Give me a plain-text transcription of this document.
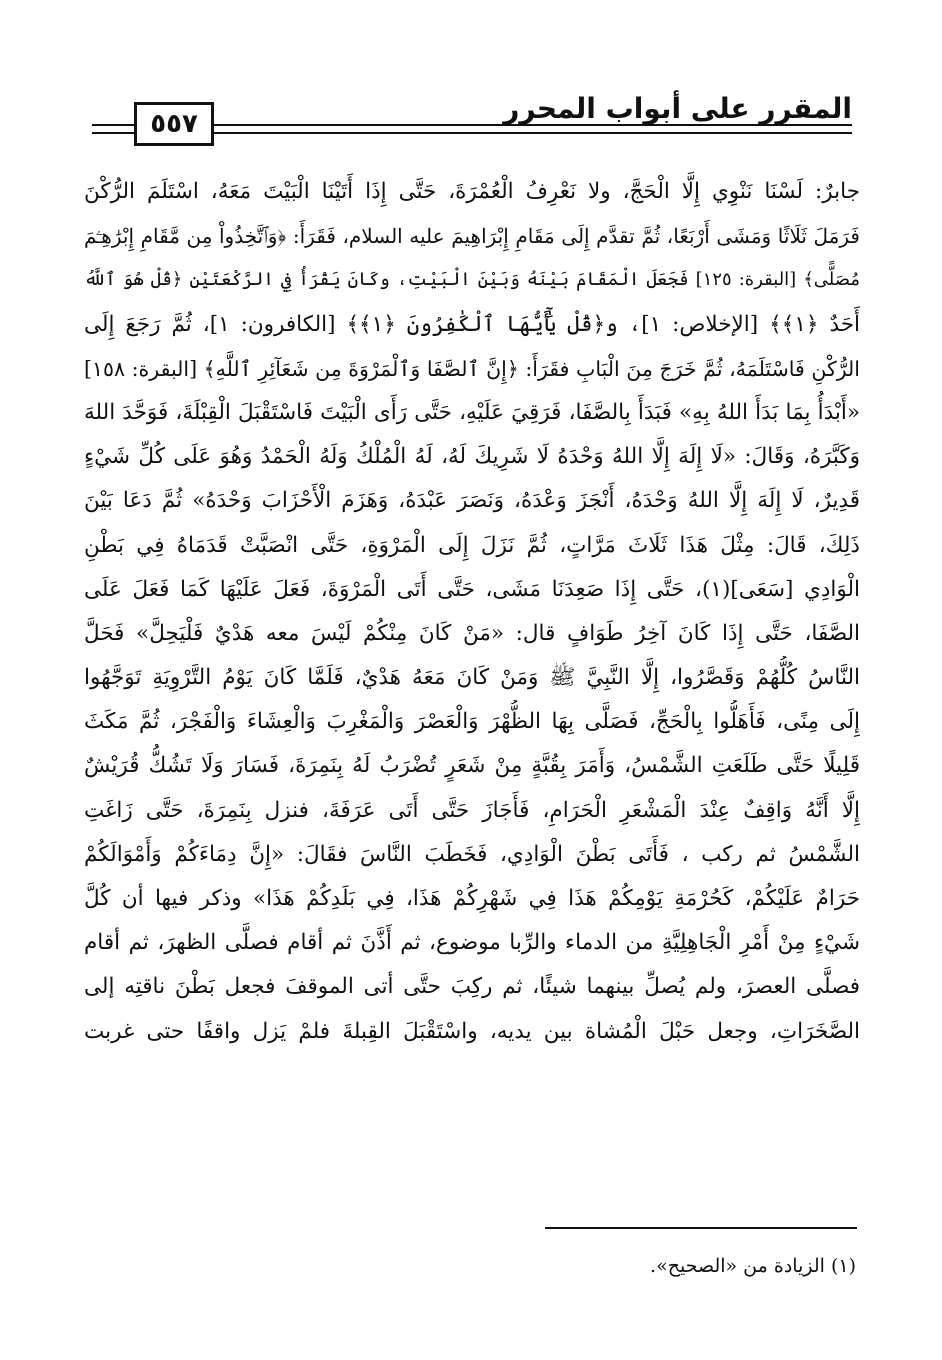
٥٥٧	المقرر على أبواب المحرر
جابرٌ: لَسْنَا نَنْوِي إِلَّا الْحَجَّ، ولا نَعْرِفُ الْعُمْرَةَ، حَتَّى إِذَا أَتَيْنَا الْبَيْتَ مَعَهُ، اسْتَلَمَ الرُّكْنَ
فَرَمَلَ ثَلَاثًا وَمَشَى أَرْبَعًا، ثُمَّ تقدَّم إِلَى مَقَامِ إِبْرَاهِيمَ عليه السلام، فَقَرَأَ: ﴿وَٱتَّخِذُواْ مِن مَّقَامِ إِبْرَٰهِـۧمَ
مُصَلًّى﴾ [البقرة: ١٢٥] فَجَعَلَ الْمَقَامَ بَيْنَهُ وَبَيْنَ الْبَيْتِ، وكَانَ يَقْرَأُ فِي الرَّكْعَتَيْنِ ﴿قُلْ هُوَ ٱللَّهُ
أَحَدٌ ﴿١﴾﴾ [الإخلاص: ١]، و﴿قُلْ يَٰٓأَيُّهَا ٱلْكَٰفِرُونَ ﴿١﴾﴾ [الكافرون: ١]، ثُمَّ رَجَعَ إِلَى
الرُّكْنِ فَاسْتَلَمَهُ، ثُمَّ خَرَجَ مِنَ الْبَابِ فقَرَأَ: ﴿إِنَّ ٱلصَّفَا وَٱلْمَرْوَةَ مِن شَعَآئِرِ ٱللَّهِ﴾ [البقرة: ١٥٨]
«أَبْدَأُ بِمَا بَدَأَ اللهُ بِهِ» فَبَدَأَ بِالصَّفَا، فَرَقِيَ عَلَيْهِ، حَتَّى رَأَى الْبَيْتَ فَاسْتَقْبَلَ الْقِبْلَةَ، فَوَحَّدَ اللهَ
وَكَبَّرَهُ، وَقَالَ: «لَا إِلَهَ إِلَّا اللهُ وَحْدَهُ لَا شَرِيكَ لَهُ، لَهُ الْمُلْكُ وَلَهُ الْحَمْدُ وَهُوَ عَلَى كُلِّ شَيْءٍ
قَدِيرٌ، لَا إِلَهَ إِلَّا اللهُ وَحْدَهُ، أَنْجَزَ وَعْدَهُ، وَنَصَرَ عَبْدَهُ، وَهَزَمَ الْأَحْزَابَ وَحْدَهُ» ثُمَّ دَعَا بَيْنَ
ذَلِكَ، قَالَ: مِثْلَ هَذَا ثَلَاثَ مَرَّاتٍ، ثُمَّ نَزَلَ إِلَى الْمَرْوَةِ، حَتَّى انْصَبَّتْ قَدَمَاهُ فِي بَطْنِ
الْوَادِي [سَعَى](١)، حَتَّى إِذَا صَعِدَنَا مَشَى، حَتَّى أَتَى الْمَرْوَةَ، فَعَلَ عَلَيْهَا كَمَا فَعَلَ عَلَى
الصَّفَا، حَتَّى إِذَا كَانَ آخِرُ طَوَافٍ قال: «مَنْ كَانَ مِنْكُمْ لَيْسَ معه هَدْيٌ فَلْيَحِلَّ» فَحَلَّ
النَّاسُ كُلُّهُمْ وَقَصَّرُوا، إِلَّا النَّبِيَّ ﷺ وَمَنْ كَانَ مَعَهُ هَدْيٌ، فَلَمَّا كَانَ يَوْمُ التَّرْوِيَةِ تَوَجَّهُوا
إِلَى مِنًى، فَأَهَلُّوا بِالْحَجِّ، فَصَلَّى بِهَا الظُّهْرَ وَالْعَصْرَ وَالْمَغْرِبَ وَالْعِشَاءَ وَالْفَجْرَ، ثُمَّ مَكَثَ
قَلِيلًا حَتَّى طَلَعَتِ الشَّمْسُ، وَأَمَرَ بِقُبَّةٍ مِنْ شَعَرٍ تُضْرَبُ لَهُ بِنَمِرَةَ، فَسَارَ وَلَا تَشُكُّ قُرَيْشٌ
إِلَّا أَنَّهُ وَاقِفٌ عِنْدَ الْمَشْعَرِ الْحَرَامِ، فَأَجَازَ حَتَّى أَتَى عَرَفَةَ، فنزل بِنَمِرَةَ، حَتَّى زَاغَتِ
الشَّمْسُ ثم ركب ، فَأَتَى بَطْنَ الْوَادِي، فَخَطَبَ النَّاسَ فقَالَ: «إِنَّ دِمَاءَكُمْ وَأَمْوَالَكُمْ
حَرَامٌ عَلَيْكُمْ، كَحُرْمَةِ يَوْمِكُمْ هَذَا فِي شَهْرِكُمْ هَذَا، فِي بَلَدِكُمْ هَذَا» وذكر فيها أن كُلَّ
شَيْءٍ مِنْ أَمْرِ الْجَاهِلِيَّةِ من الدماء والرِّبا موضوع، ثم أَذَّنَ ثم أقام فصلَّى الظهرَ، ثم أقام
فصلَّى العصرَ، ولم يُصلِّ بينهما شيئًا، ثم ركِبَ حتَّى أتى الموقفَ فجعل بَطْنَ ناقتِه إلى
الصَّخَرَاتِ، وجعل حَبْلَ الْمُشاة بين يديه، واسْتَقْبَلَ القِبلةَ فلمْ يَزل واقفًا حتى غربت
(١) الزيادة من «الصحيح».
